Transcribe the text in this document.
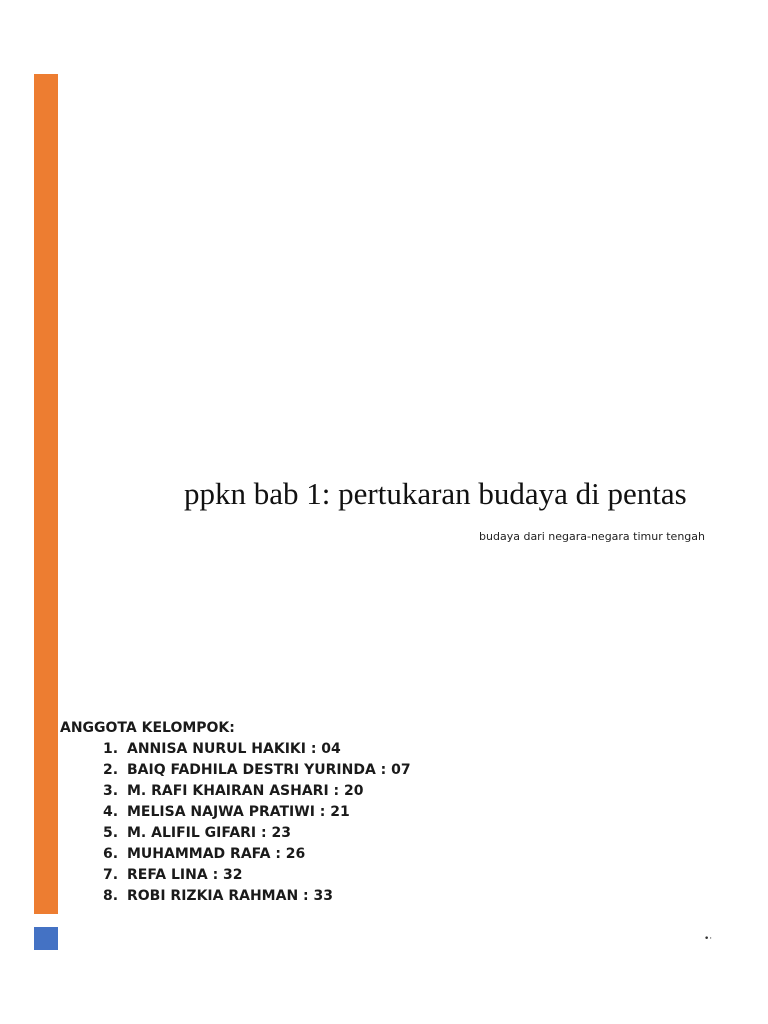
ppkn bab 1: pertukaran budaya di pentas
budaya dari negara-negara timur tengah
ANGGOTA KELOMPOK:
1. ANNISA NURUL HAKIKI : 04
2. BAIQ FADHILA DESTRI YURINDA : 07
3. M. RAFI KHAIRAN ASHARI : 20
4. MELISA NAJWA PRATIWI : 21
5. M. ALIFIL GIFARI : 23
6. MUHAMMAD RAFA : 26
7. REFA LINA : 32
8. ROBI RIZKIA RAHMAN : 33
•·
